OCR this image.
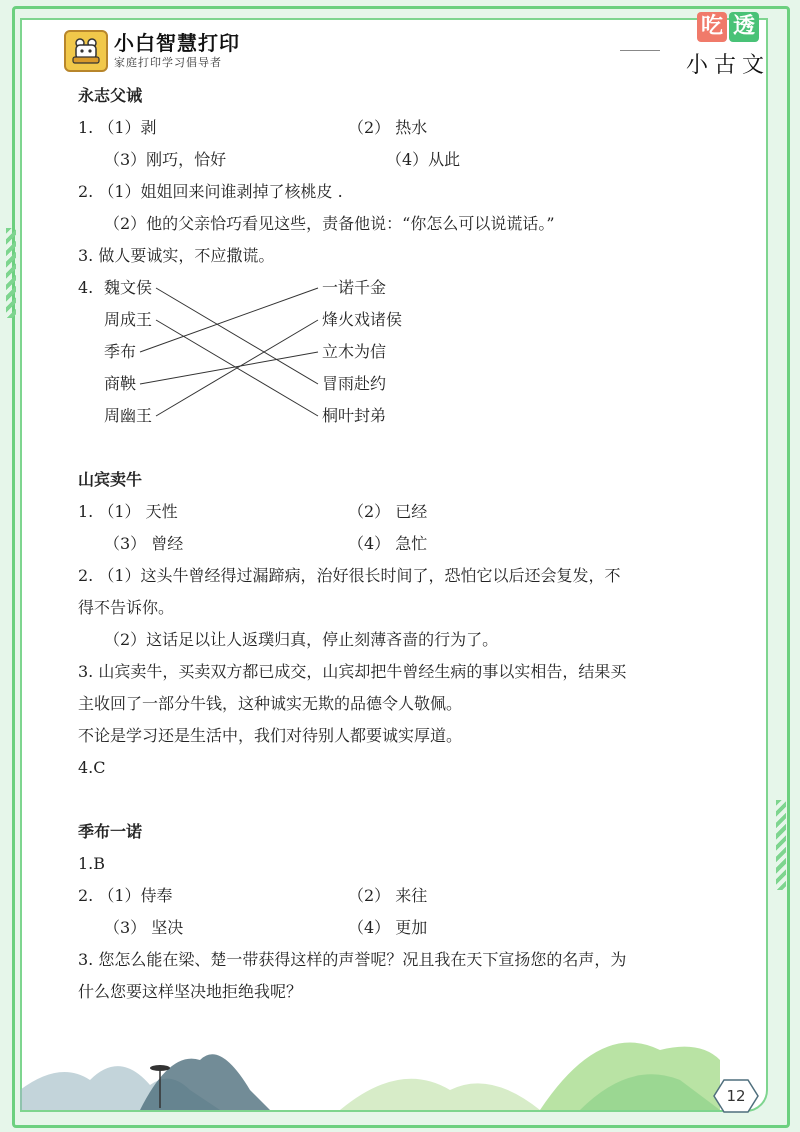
小白智慧打印
家庭打印学习倡导者
吃 透
小古文

永志父诫

1. （1）剥	（2） 热水
（3）刚巧，恰好	（4）从此

2. （1）姐姐回来问谁剥掉了核桃皮 .

（2）他的父亲恰巧看见这些，责备他说：“你怎么可以说谎话。”

3. 做人要诚实，不应撒谎。

4. 魏文侯
周成王
季布
商鞅
周幽王
一诺千金
烽火戏诸侯
立木为信
冒雨赴约
桐叶封弟

山宾卖牛

1. （1） 天性	（2） 已经
（3） 曾经	（4） 急忙

2. （1）这头牛曾经得过漏蹄病，治好很长时间了，恐怕它以后还会复发，不

得不告诉你。

（2）这话足以让人返璞归真，停止刻薄吝啬的行为了。

3. 山宾卖牛，买卖双方都已成交，山宾却把牛曾经生病的事以实相告，结果买

主收回了一部分牛钱，这种诚实无欺的品德令人敬佩。

不论是学习还是生活中，我们对待别人都要诚实厚道。

4.C

季布一诺

1.B

2. （1）侍奉	（2） 来往
（3） 坚决	（4） 更加

3. 您怎么能在梁、楚一带获得这样的声誉呢？况且我在天下宣扬您的名声，为

什么您要这样坚决地拒绝我呢？

12
